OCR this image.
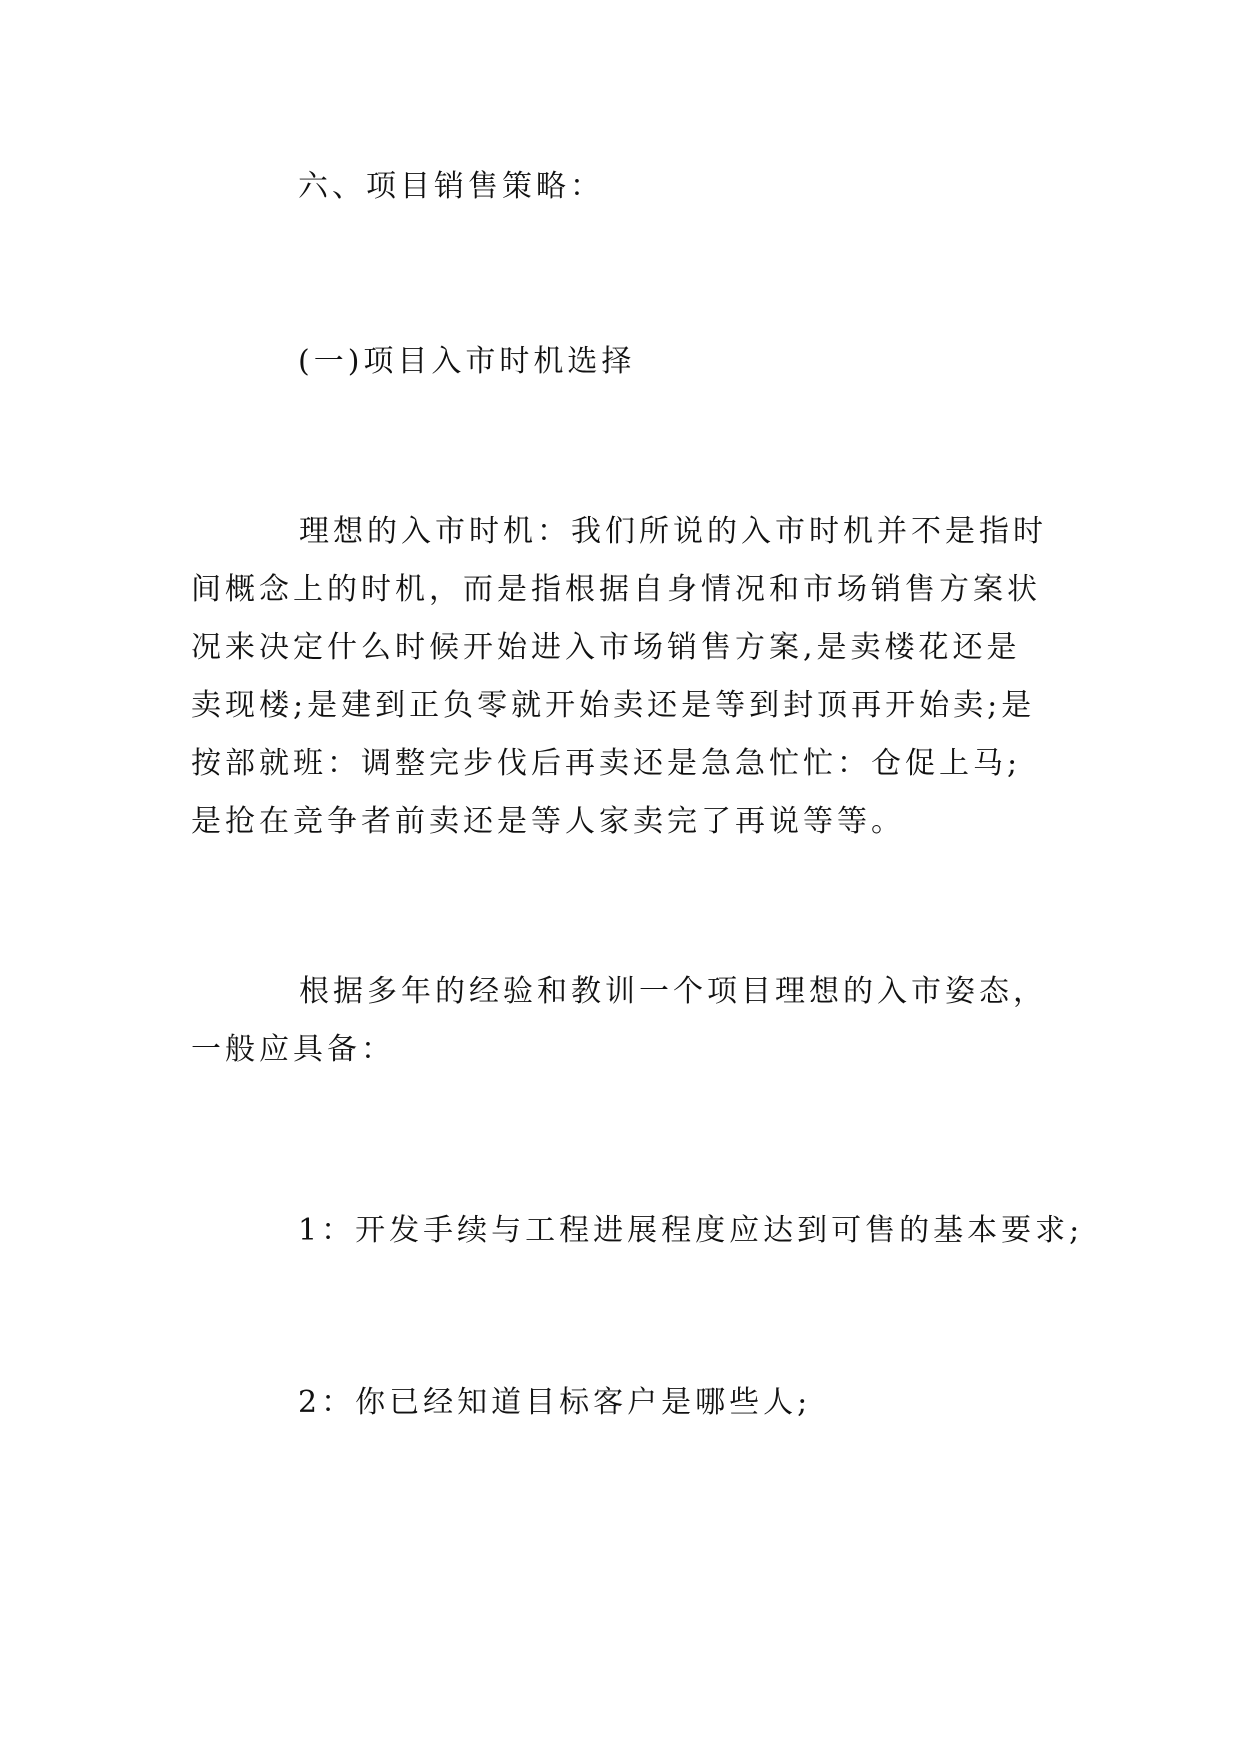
六、项目销售策略：
(一)项目入市时机选择
理想的入市时机：我们所说的入市时机并不是指时间概念上的时机，而是指根据自身情况和市场销售方案状况来决定什么时候开始进入市场销售方案,是卖楼花还是卖现楼;是建到正负零就开始卖还是等到封顶再开始卖;是按部就班：调整完步伐后再卖还是急急忙忙：仓促上马;是抢在竞争者前卖还是等人家卖完了再说等等。
根据多年的经验和教训一个项目理想的入市姿态，一般应具备：
1：开发手续与工程进展程度应达到可售的基本要求;
2：你已经知道目标客户是哪些人;
